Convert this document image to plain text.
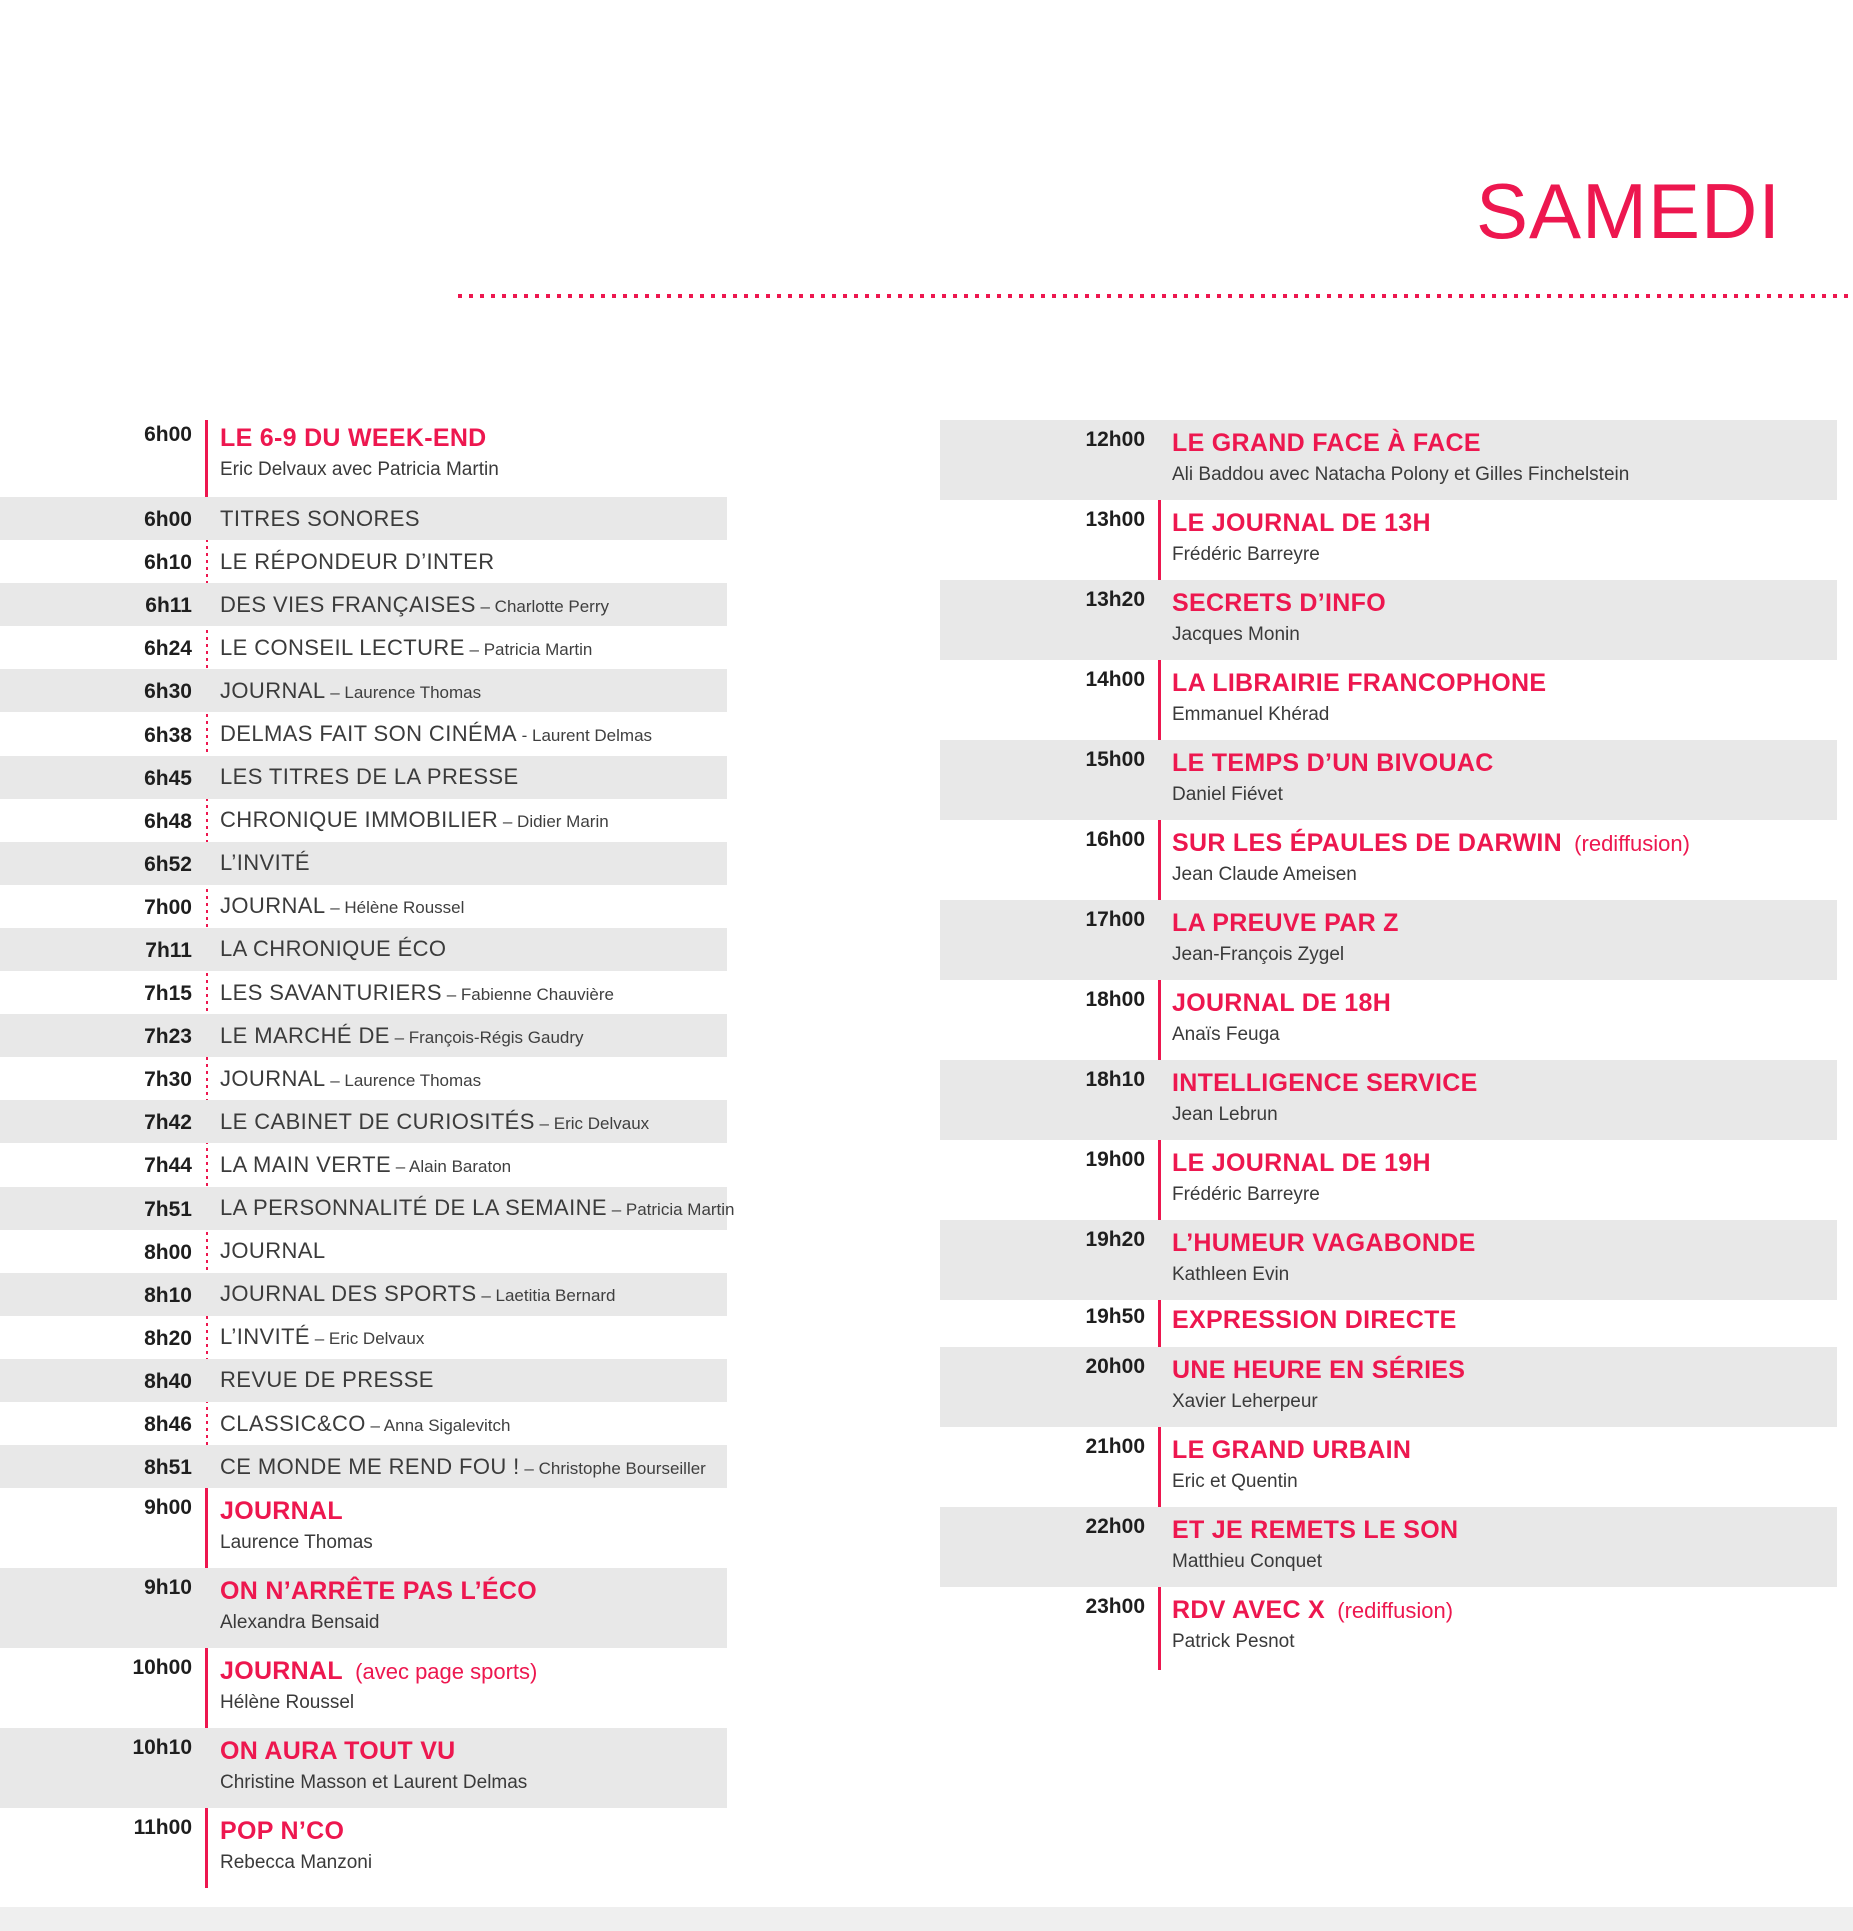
SAMEDI
6h00 LE 6-9 DU WEEK-END
Eric Delvaux avec Patricia Martin
6h00 TITRES SONORES
6h10 LE RÉPONDEUR D’INTER
6h11 DES VIES FRANÇAISES – Charlotte Perry
6h24 LE CONSEIL LECTURE – Patricia Martin
6h30 JOURNAL – Laurence Thomas
6h38 DELMAS FAIT SON CINÉMA - Laurent Delmas
6h45 LES TITRES DE LA PRESSE
6h48 CHRONIQUE IMMOBILIER – Didier Marin
6h52 L’INVITÉ
7h00 JOURNAL – Hélène Roussel
7h11 LA CHRONIQUE ÉCO
7h15 LES SAVANTURIERS – Fabienne Chauvière
7h23 LE MARCHÉ DE – François-Régis Gaudry
7h30 JOURNAL – Laurence Thomas
7h42 LE CABINET DE CURIOSITÉS – Eric Delvaux
7h44 LA MAIN VERTE – Alain Baraton
7h51 LA PERSONNALITÉ DE LA SEMAINE – Patricia Martin
8h00 JOURNAL
8h10 JOURNAL DES SPORTS – Laetitia Bernard
8h20 L’INVITÉ – Eric Delvaux
8h40 REVUE DE PRESSE
8h46 CLASSIC&CO – Anna Sigalevitch
8h51 CE MONDE ME REND FOU ! – Christophe Bourseiller
9h00 JOURNAL
Laurence Thomas
9h10 ON N’ARRÊTE PAS L’ÉCO
Alexandra Bensaid
10h00 JOURNAL  (avec page sports)
Hélène Roussel
10h10 ON AURA TOUT VU
Christine Masson et Laurent Delmas
11h00 POP N’CO
Rebecca Manzoni
12h00 LE GRAND FACE À FACE
Ali Baddou avec Natacha Polony et Gilles Finchelstein
13h00 LE JOURNAL DE 13H
Frédéric Barreyre
13h20 SECRETS D’INFO
Jacques Monin
14h00 LA LIBRAIRIE FRANCOPHONE
Emmanuel Khérad
15h00 LE TEMPS D’UN BIVOUAC
Daniel Fiévet
16h00 SUR LES ÉPAULES DE DARWIN  (rediffusion)
Jean Claude Ameisen
17h00 LA PREUVE PAR Z
Jean-François Zygel
18h00 JOURNAL DE 18H
Anaïs Feuga
18h10 INTELLIGENCE SERVICE
Jean Lebrun
19h00 LE JOURNAL DE 19H
Frédéric Barreyre
19h20 L’HUMEUR VAGABONDE
Kathleen Evin
19h50 EXPRESSION DIRECTE
20h00 UNE HEURE EN SÉRIES
Xavier Leherpeur
21h00 LE GRAND URBAIN
Eric et Quentin
22h00 ET JE REMETS LE SON
Matthieu Conquet
23h00 RDV AVEC X  (rediffusion)
Patrick Pesnot
